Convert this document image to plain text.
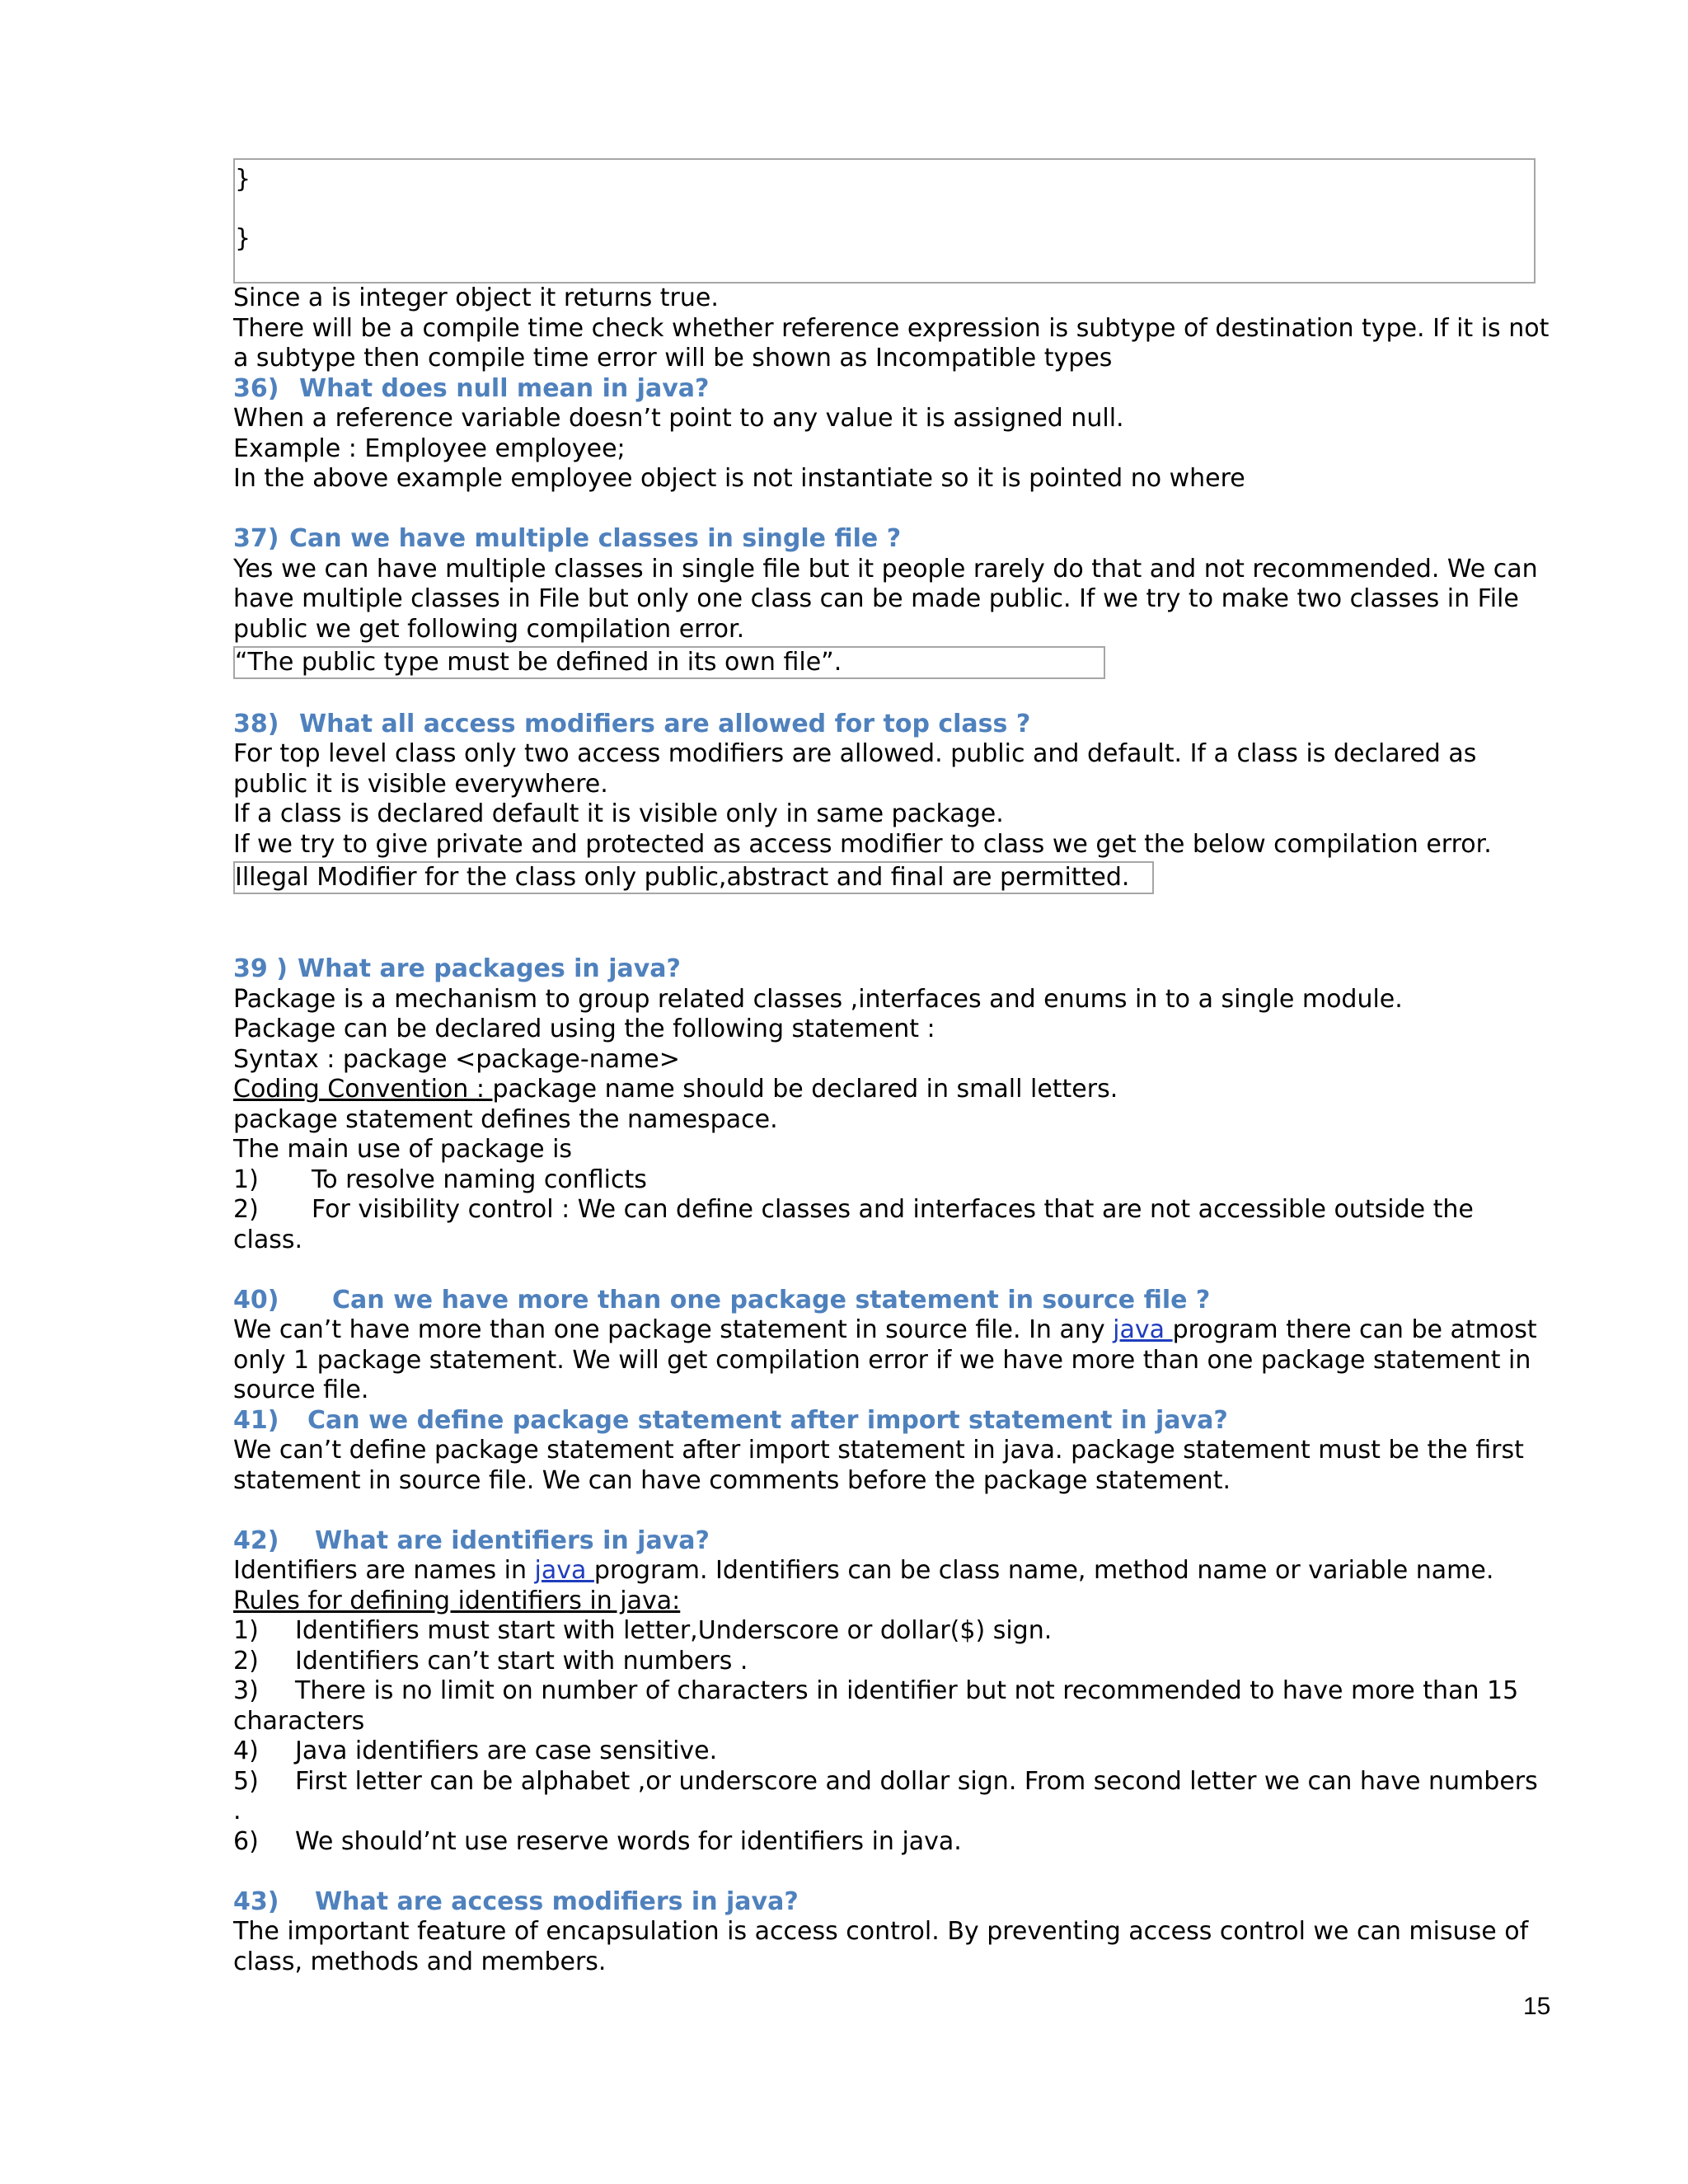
}
}

Since a is integer object it returns true.

There will be a compile time check whether reference expression is subtype of destination type. If it is not a subtype then compile time error will be shown as Incompatible types

36) What does null mean in java?

When a reference variable doesn’t point to any value it is assigned null.

Example : Employee employee;

In the above example employee object is not instantiate so it is pointed no where

37) Can we have multiple classes in single file ?

Yes we can have multiple classes in single file but it people rarely do that and not recommended. We can have multiple classes in File but only one class can be made public. If we try to make two classes in File public we get following compilation error.

“The public type must be defined in its own file”.

38) What all access modifiers are allowed for top class ?

For top level class only two access modifiers are allowed. public and default. If a class is declared as public it is visible everywhere.

If a class is declared default it is visible only in same package.

If we try to give private and protected as access modifier to class we get the below compilation error.

Illegal Modifier for the class only public,abstract and final are permitted.

39 ) What are packages in java?

Package is a mechanism to group related classes ,interfaces and enums in to a single module.

Package can be declared using the following statement :

Syntax : package <package-name>

Coding Convention : package name should be declared in small letters.

package statement defines the namespace.

The main use of package is

1)	To resolve naming conflicts
2)	For visibility control : We can define classes and interfaces that are not accessible outside the

class.

40) Can we have more than one package statement in source file ?

We can’t have more than one package statement in source file. In any java program there can be atmost only 1 package statement. We will get compilation error if we have more than one package statement in source file.

41) Can we define package statement after import statement in java?

We can’t define package statement after import statement in java. package statement must be the first statement in source file. We can have comments before the package statement.

42) What are identifiers in java?

Identifiers are names in java program. Identifiers can be class name, method name or variable name.

Rules for defining identifiers in java:

1)	Identifiers must start with letter,Underscore or dollar($) sign.
2)	Identifiers can’t start with numbers .
3)	There is no limit on number of characters in identifier but not recommended to have more than 15

characters

4)	Java identifiers are case sensitive.
5)	First letter can be alphabet ,or underscore and dollar sign. From second letter we can have numbers

.

6)	We should’nt use reserve words for identifiers in java.

43) What are access modifiers in java?

The important feature of encapsulation is access control. By preventing access control we can misuse of class, methods and members.

15
